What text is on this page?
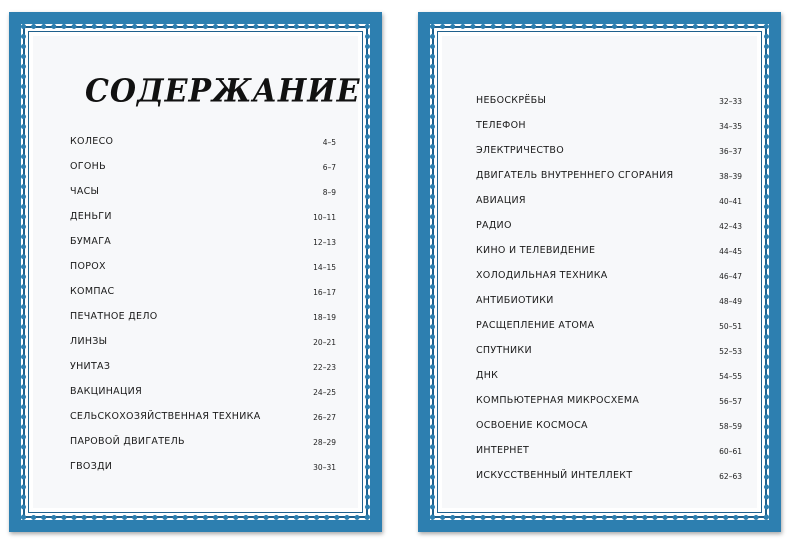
СОДЕРЖАНИЕ
КОЛЕСО	4–5
ОГОНЬ	6–7
ЧАСЫ	8–9
ДЕНЬГИ	10–11
БУМАГА	12–13
ПОРОХ	14–15
КОМПАС	16–17
ПЕЧАТНОЕ ДЕЛО	18–19
ЛИНЗЫ	20–21
УНИТАЗ	22–23
ВАКЦИНАЦИЯ	24–25
СЕЛЬСКОХОЗЯЙСТВЕННАЯ ТЕХНИКА	26–27
ПАРОВОЙ ДВИГАТЕЛЬ	28–29
ГВОЗДИ	30–31
НЕБОСКРЁБЫ	32–33
ТЕЛЕФОН	34–35
ЭЛЕКТРИЧЕСТВО	36–37
ДВИГАТЕЛЬ ВНУТРЕННЕГО СГОРАНИЯ	38–39
АВИАЦИЯ	40–41
РАДИО	42–43
КИНО И ТЕЛЕВИДЕНИЕ	44–45
ХОЛОДИЛЬНАЯ ТЕХНИКА	46–47
АНТИБИОТИКИ	48–49
РАСЩЕПЛЕНИЕ АТОМА	50–51
СПУТНИКИ	52–53
ДНК	54–55
КОМПЬЮТЕРНАЯ МИКРОСХЕМА	56–57
ОСВОЕНИЕ КОСМОСА	58–59
ИНТЕРНЕТ	60–61
ИСКУССТВЕННЫЙ ИНТЕЛЛЕКТ	62–63
